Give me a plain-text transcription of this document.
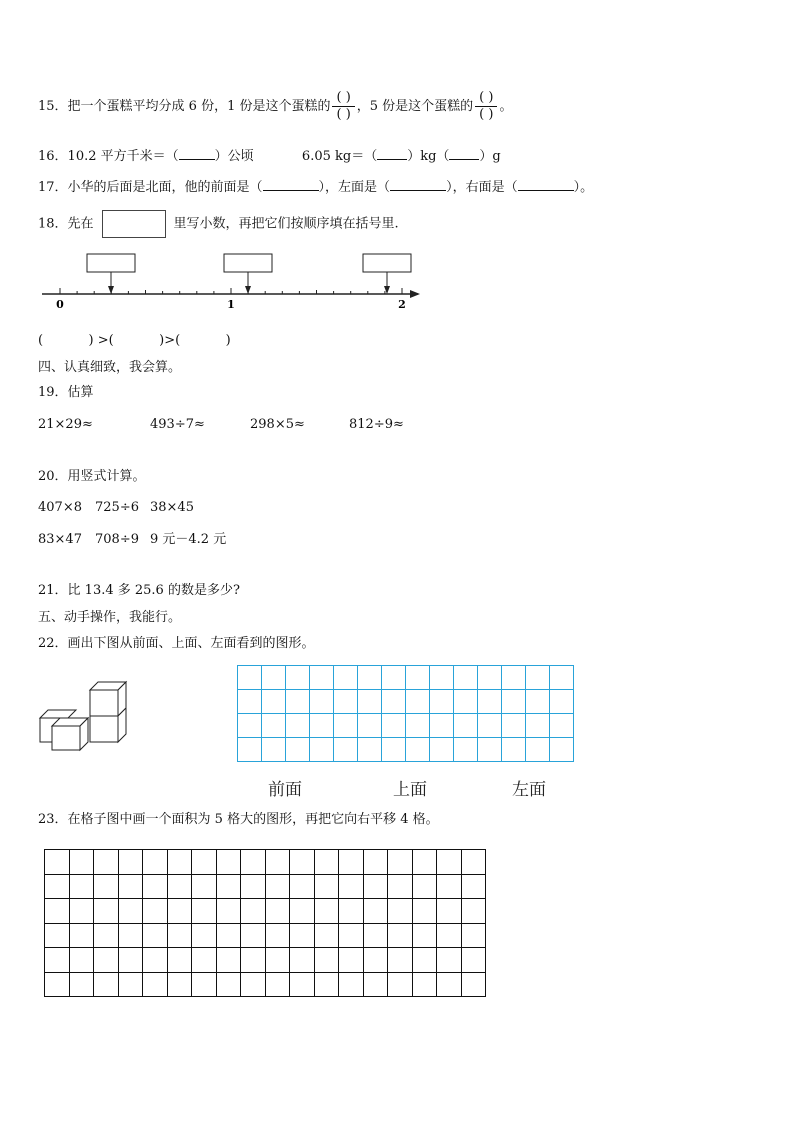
15．把一个蛋糕平均分成 6 份，1 份是这个蛋糕的 $\frac{( )}{( )}$ ，5 份是这个蛋糕的 $\frac{( )}{( )}$ 。
16．10.2 平方千米＝（	）公顷	6.05 kg＝（ ）kg（ ）g
17．小华的后面是北面，他的前面是（	），左面是（	），右面是（	）。
18．先在	里写小数，再把它们按顺序填在括号里.
0	1	2
(           ) >(           )>(           )
四、认真细致，我会算。
19．估算
21×29≈	493÷7≈	298×5≈	812÷9≈
20．用竖式计算。
407×8 725÷6 38×45
83×47 708÷9 9 元－4.2 元
21．比 13.4 多 25.6 的数是多少?
五、动手操作，我能行。
22．画出下图从前面、上面、左面看到的图形。

前面	上面	左面
23．在格子图中画一个面积为 5 格大的图形，再把它向右平移 4 格。
